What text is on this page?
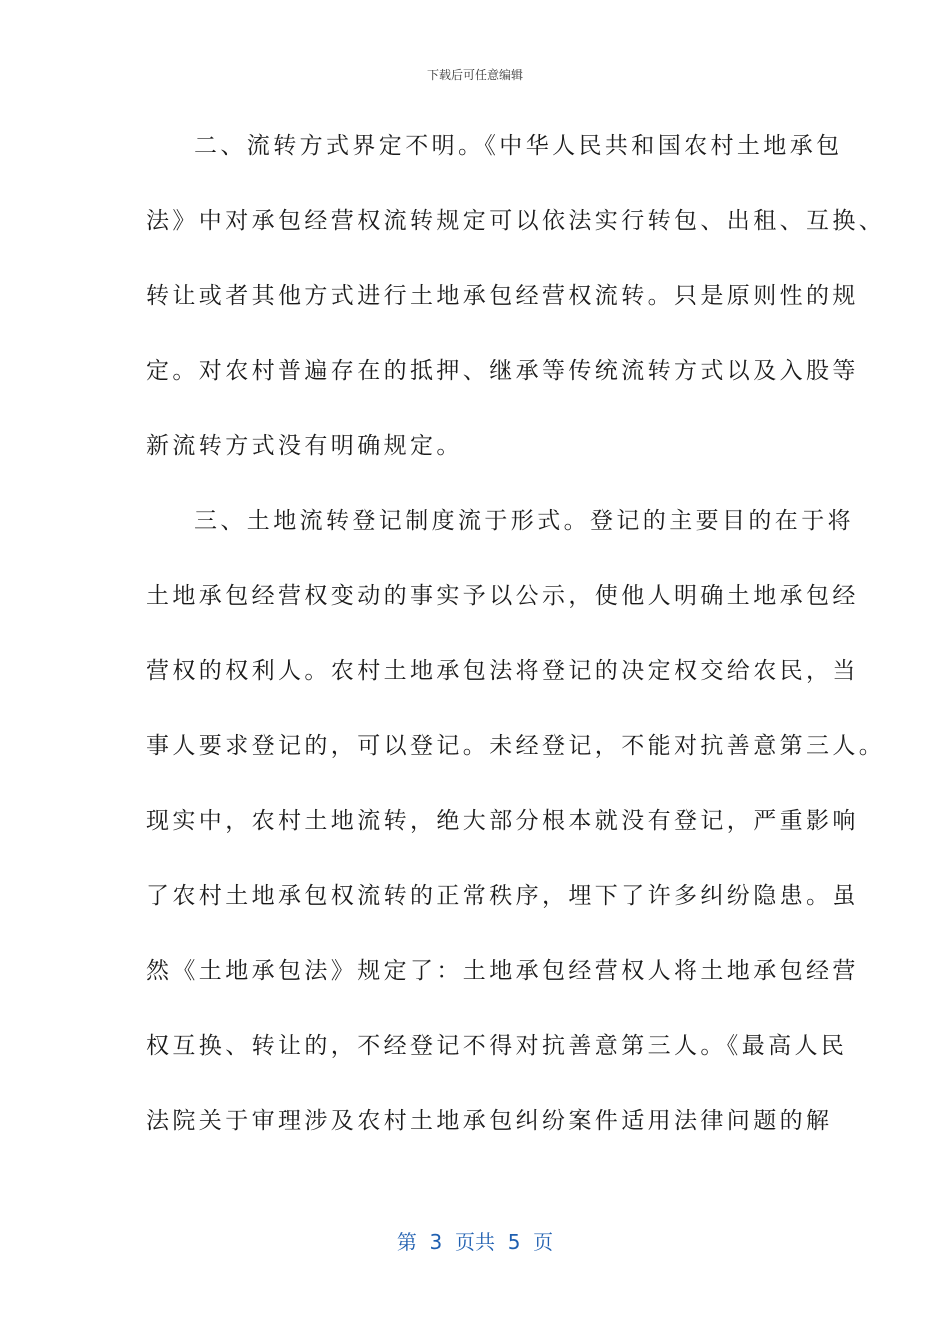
下载后可任意编辑
二、流转方式界定不明。《中华人民共和国农村土地承包
法》中对承包经营权流转规定可以依法实行转包、出租、互换、
转让或者其他方式进行土地承包经营权流转。只是原则性的规
定。对农村普遍存在的抵押、继承等传统流转方式以及入股等
新流转方式没有明确规定。
三、土地流转登记制度流于形式。登记的主要目的在于将
土地承包经营权变动的事实予以公示，使他人明确土地承包经
营权的权利人。农村土地承包法将登记的决定权交给农民，当
事人要求登记的，可以登记。未经登记，不能对抗善意第三人。
现实中，农村土地流转，绝大部分根本就没有登记，严重影响
了农村土地承包权流转的正常秩序，埋下了许多纠纷隐患。虽
然《土地承包法》规定了：土地承包经营权人将土地承包经营
权互换、转让的，不经登记不得对抗善意第三人。《最高人民
法院关于审理涉及农村土地承包纠纷案件适用法律问题的解
第  3  页共  5  页
